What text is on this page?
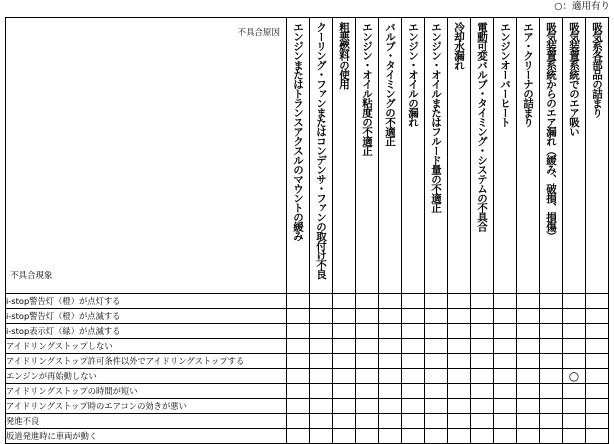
○：適用有り
不具合原因
不具合現象	エンジンまたはトランスアクスルのマウントの緩み	クーリング・ファンまたはコンデンサ・ファンの取付け不良	粗悪燃料の使用	エンジン・オイル粘度の不適正	バルブ・タイミングの不適正	エンジン・オイルの漏れ	エンジン・オイルまたはフルード量の不適正	冷却水漏れ	電動可変バルブ・タイミング・システムの不具合	エンジンオーバーヒート	エア・クリーナの詰まり	吸気装置系統からのエア漏れ（緩み、破損、損傷）	吸気装置系統でのエア吸い	吸気系各部品の詰まり

i-stop警告灯（橙）が点灯する														
i-stop警告灯（橙）が点滅する														
i-stop表示灯（緑）が点滅する														
アイドリングストップしない														
アイドリングストップ許可条件以外でアイドリングストップする														
エンジンが再始動しない													○	
アイドリングストップの時間が短い														
アイドリングストップ時のエアコンの効きが悪い														
発進不良														
坂道発進時に車両が動く														
